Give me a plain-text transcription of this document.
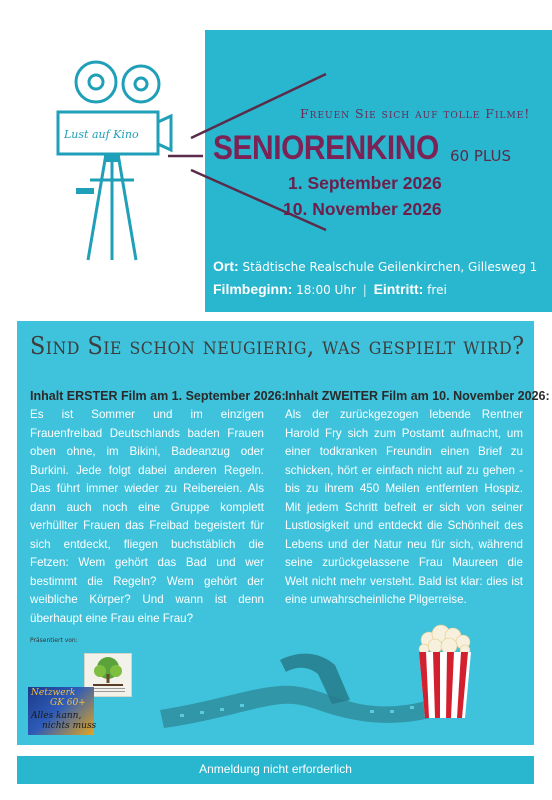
Lust auf Kino
Freuen Sie sich auf tolle Filme!
SENIORENKINO 60 PLUS
1. September 2026
10. November 2026
Ort: Städtische Realschule Geilenkirchen, Gillesweg 1
Filmbeginn: 18:00 Uhr | Eintritt: frei
Sind Sie schon neugierig, was gespielt wird?
Inhalt ERSTER Film am 1. September 2026:
Es ist Sommer und im einzigen Frauenfreibad Deutschlands baden Frauen oben ohne, im Bikini, Badeanzug oder Burkini. Jede folgt dabei anderen Regeln. Das führt immer wieder zu Reibereien. Als dann auch noch eine Gruppe komplett verhüllter Frauen das Freibad begeistert für sich entdeckt, fliegen buchstäblich die Fetzen: Wem gehört das Bad und wer bestimmt die Regeln? Wem gehört der weibliche Körper? Und wann ist denn überhaupt eine Frau eine Frau?
Inhalt ZWEITER Film am 10. November 2026:
Als der zurückgezogen lebende Rentner Harold Fry sich zum Postamt aufmacht, um einer todkranken Freundin einen Brief zu schicken, hört er einfach nicht auf zu gehen - bis zu ihrem 450 Meilen entfernten Hospiz. Mit jedem Schritt befreit er sich von seiner Lustlosigkeit und entdeckt die Schönheit des Lebens und der Natur neu für sich, während seine zurückgelassene Frau Maureen die Welt nicht mehr versteht. Bald ist klar: dies ist eine unwahrscheinliche Pilgerreise.
Präsentiert von:
Netzwerk
GK 60+
Alles kann,
nichts muss
Anmeldung nicht erforderlich
